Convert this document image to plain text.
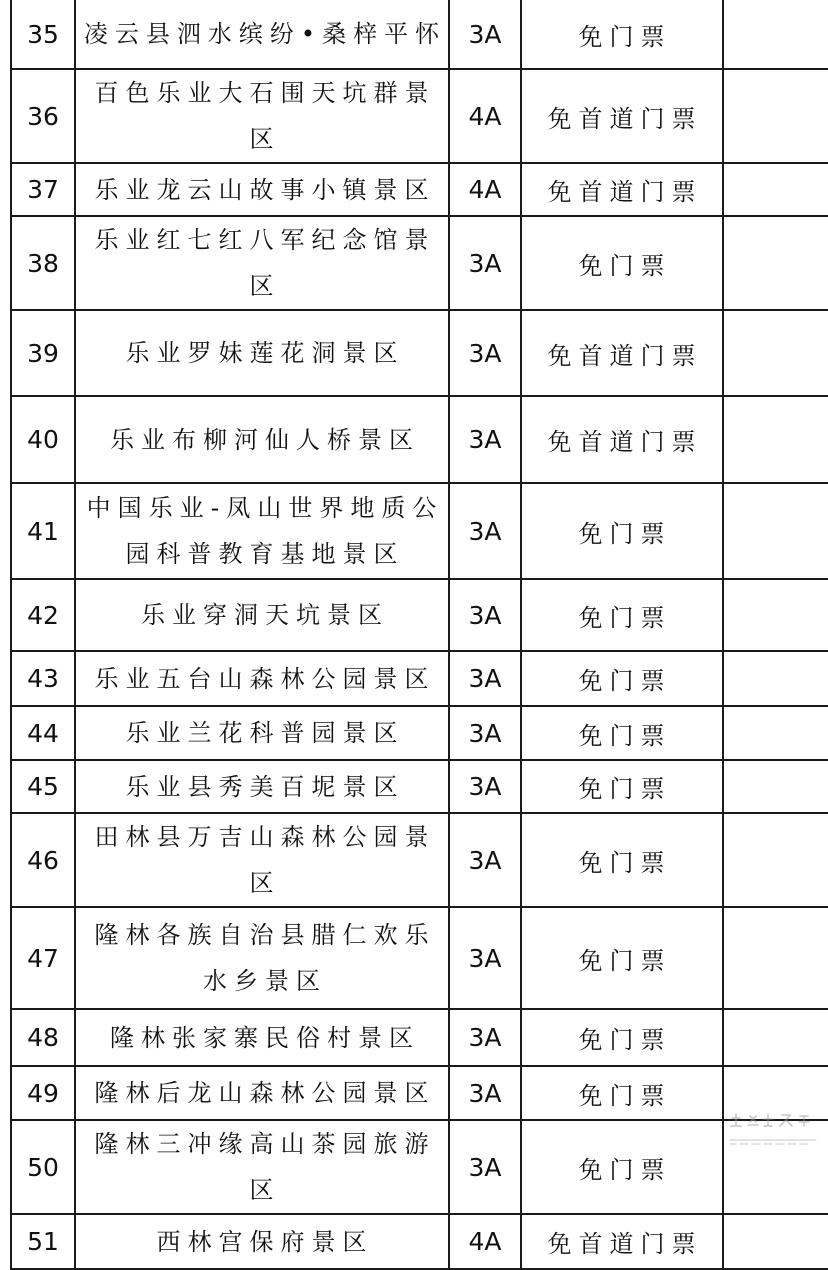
35	凌云县泗水缤纷•桑梓平怀	3A	免门票	
36	百色乐业大石围天坑群景区	4A	免首道门票	
37	乐业龙云山故事小镇景区	4A	免首道门票	
38	乐业红七红八军纪念馆景区	3A	免门票	
39	乐业罗妹莲花洞景区	3A	免首道门票	
40	乐业布柳河仙人桥景区	3A	免首道门票	
41	中国乐业-凤山世界地质公园科普教育基地景区	3A	免门票	
42	乐业穿洞天坑景区	3A	免门票	
43	乐业五台山森林公园景区	3A	免门票	
44	乐业兰花科普园景区	3A	免门票	
45	乐业县秀美百坭景区	3A	免门票	
46	田林县万吉山森林公园景区	3A	免门票	
47	隆林各族自治县腊仁欢乐水乡景区	3A	免门票	
48	隆林张家寨民俗村景区	3A	免门票	
49	隆林后龙山森林公园景区	3A	免门票	
50	隆林三冲缘高山茶园旅游区	3A	免门票	
51	西林宫保府景区	4A	免首道门票	
